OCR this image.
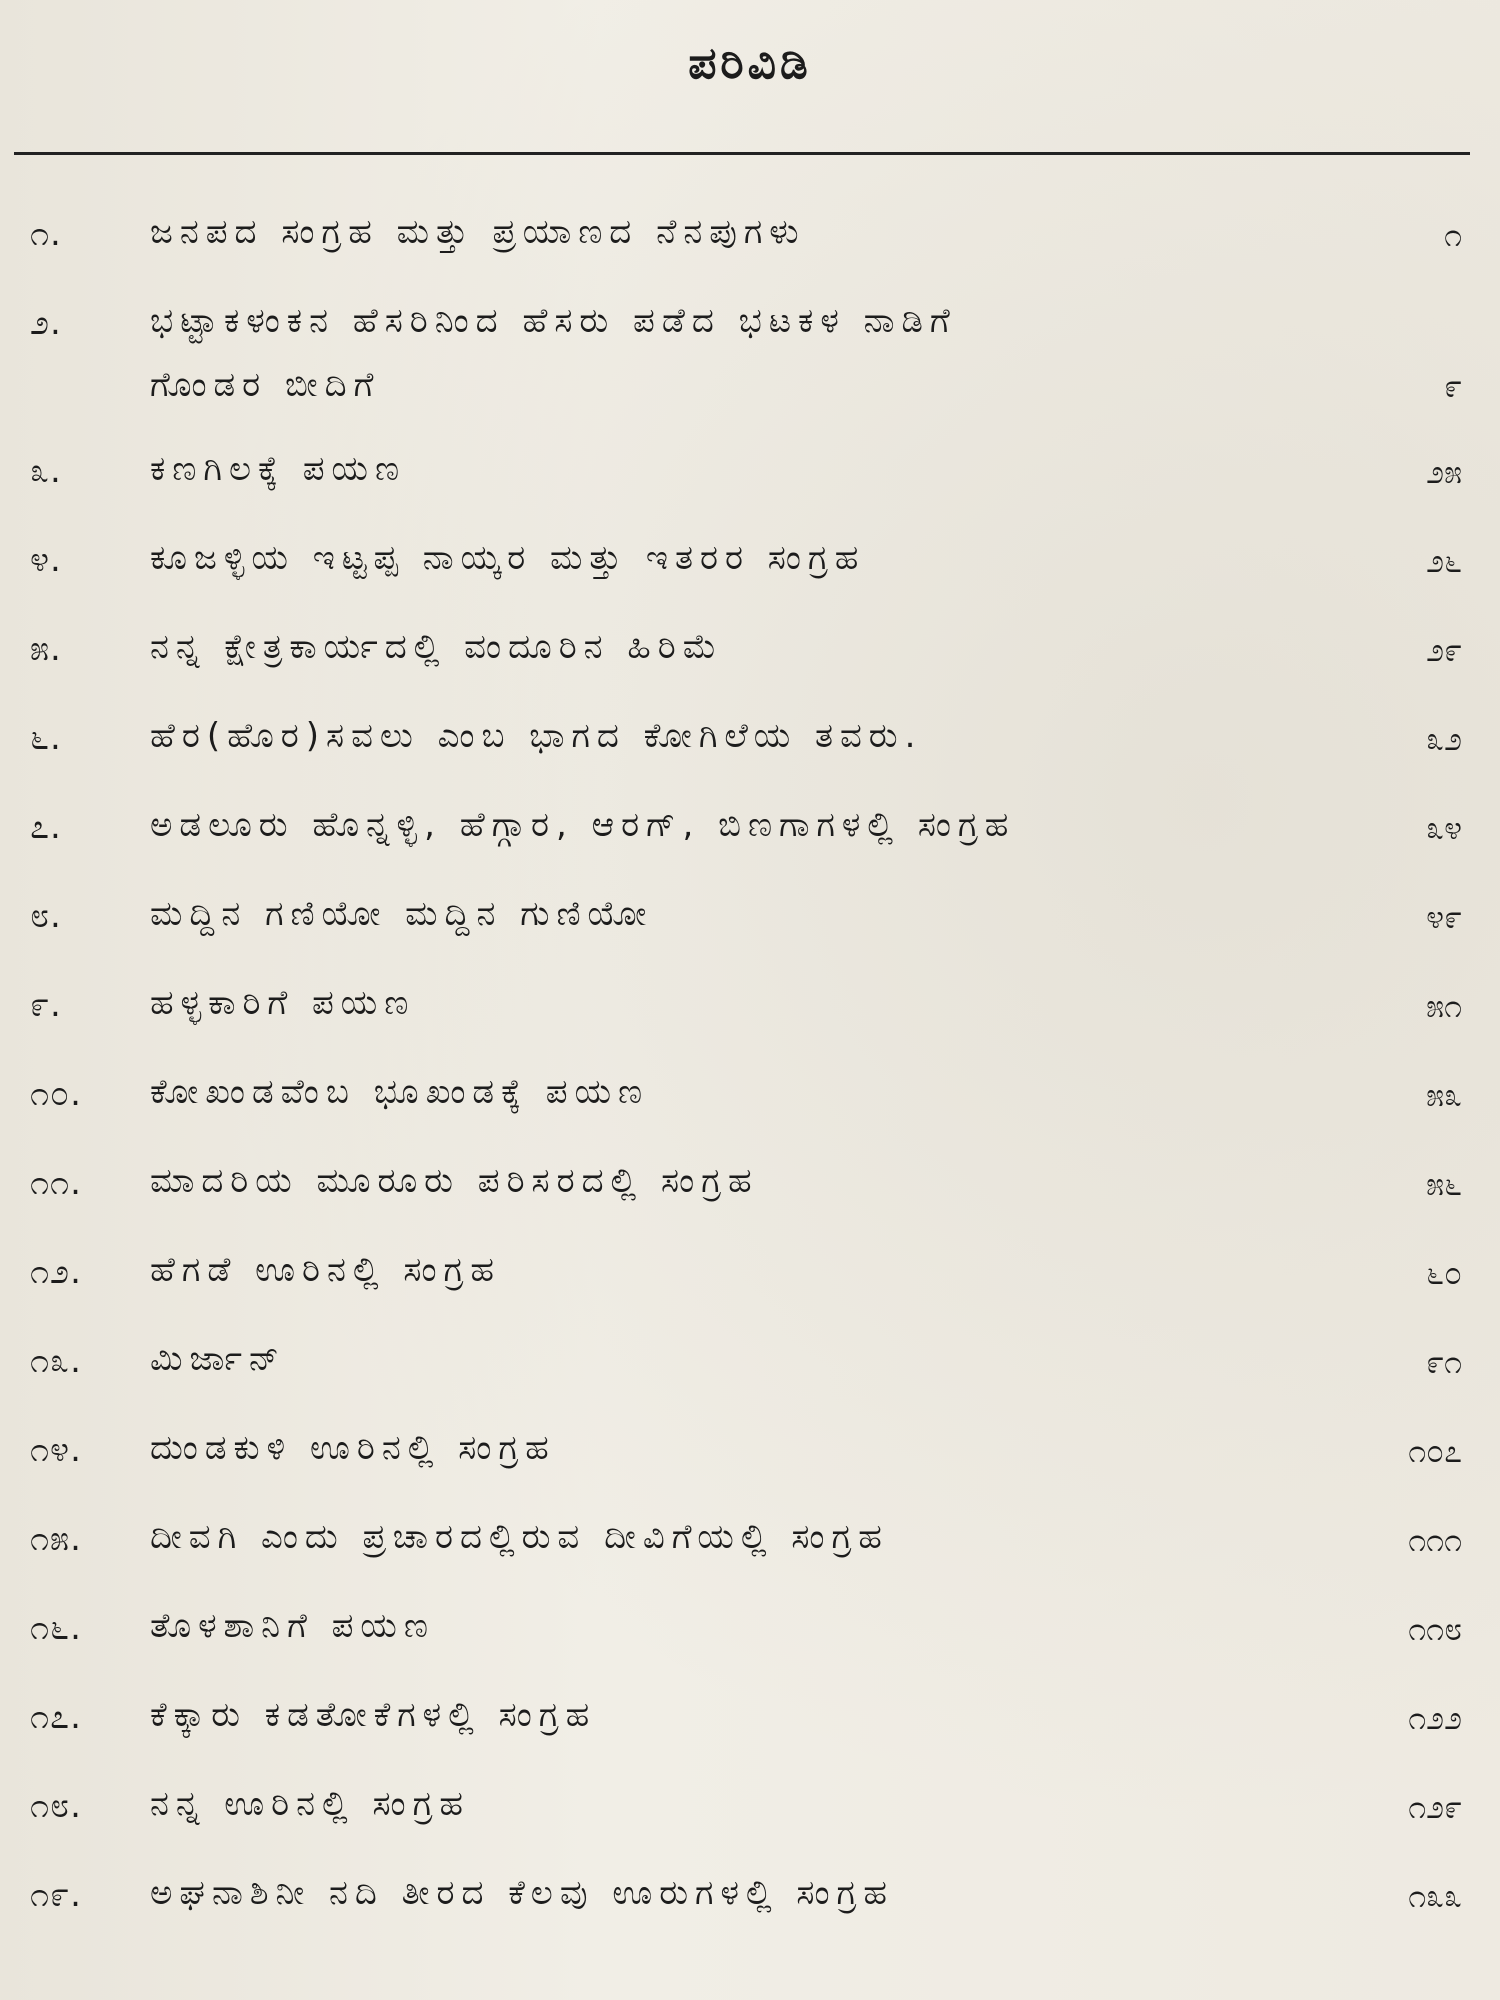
ಪರಿವಿಡಿ
೧.	ಜನಪದ ಸಂಗ್ರಹ ಮತ್ತು ಪ್ರಯಾಣದ ನೆನಪುಗಳು	೧
೨.	ಭಟ್ಟಾಕಳಂಕನ ಹೆಸರಿನಿಂದ ಹೆಸರು ಪಡೆದ ಭಟಕಳ ನಾಡಿಗೆ
ಗೊಂಡರ ಬೀದಿಗೆ	೯
೩.	ಕಣಗಿಲಕ್ಕೆ ಪಯಣ	೨೫
೪.	ಕೂಜಳ್ಳಿಯ ಇಟ್ಟಪ್ಪ ನಾಯ್ಕರ ಮತ್ತು ಇತರರ ಸಂಗ್ರಹ	೨೬
೫.	ನನ್ನ ಕ್ಷೇತ್ರಕಾರ್ಯದಲ್ಲಿ ವಂದೂರಿನ ಹಿರಿಮೆ	೨೯
೬.	ಹೆರ(ಹೊರ)ಸವಲು ಎಂಬ ಭಾಗದ ಕೋಗಿಲೆಯ ತವರು.	೩೨
೭.	ಅಡಲೂರು ಹೊನ್ನಳ್ಳಿ, ಹೆಗ್ಗಾರ, ಆರಗ್, ಬಿಣಗಾಗಳಲ್ಲಿ ಸಂಗ್ರಹ	೩೪
೮.	ಮದ್ದಿನ ಗಣಿಯೋ ಮದ್ದಿನ ಗುಣಿಯೋ	೪೯
೯.	ಹಳ್ಳಕಾರಿಗೆ ಪಯಣ	೫೧
೧೦.	ಕೋಖಂಡವೆಂಬ ಭೂಖಂಡಕ್ಕೆ ಪಯಣ	೫೩
೧೧.	ಮಾದರಿಯ ಮೂರೂರು ಪರಿಸರದಲ್ಲಿ ಸಂಗ್ರಹ	೫೬
೧೨.	ಹೆಗಡೆ ಊರಿನಲ್ಲಿ ಸಂಗ್ರಹ	೬೦
೧೩.	ಮಿರ್ಜಾನ್	೯೧
೧೪.	ದುಂಡಕುಳಿ ಊರಿನಲ್ಲಿ ಸಂಗ್ರಹ	೧೦೭
೧೫.	ದೀವಗಿ ಎಂದು ಪ್ರಚಾರದಲ್ಲಿರುವ ದೀವಿಗೆಯಲ್ಲಿ ಸಂಗ್ರಹ	೧೧೧
೧೬.	ತೊಳಶಾನಿಗೆ ಪಯಣ	೧೧೮
೧೭.	ಕೆಕ್ಕಾರು ಕಡತೋಕೆಗಳಲ್ಲಿ ಸಂಗ್ರಹ	೧೨೨
೧೮.	ನನ್ನ ಊರಿನಲ್ಲಿ ಸಂಗ್ರಹ	೧೨೯
೧೯.	ಅಘನಾಶಿನೀ ನದಿ ತೀರದ ಕೆಲವು ಊರುಗಳಲ್ಲಿ ಸಂಗ್ರಹ	೧೩೩
